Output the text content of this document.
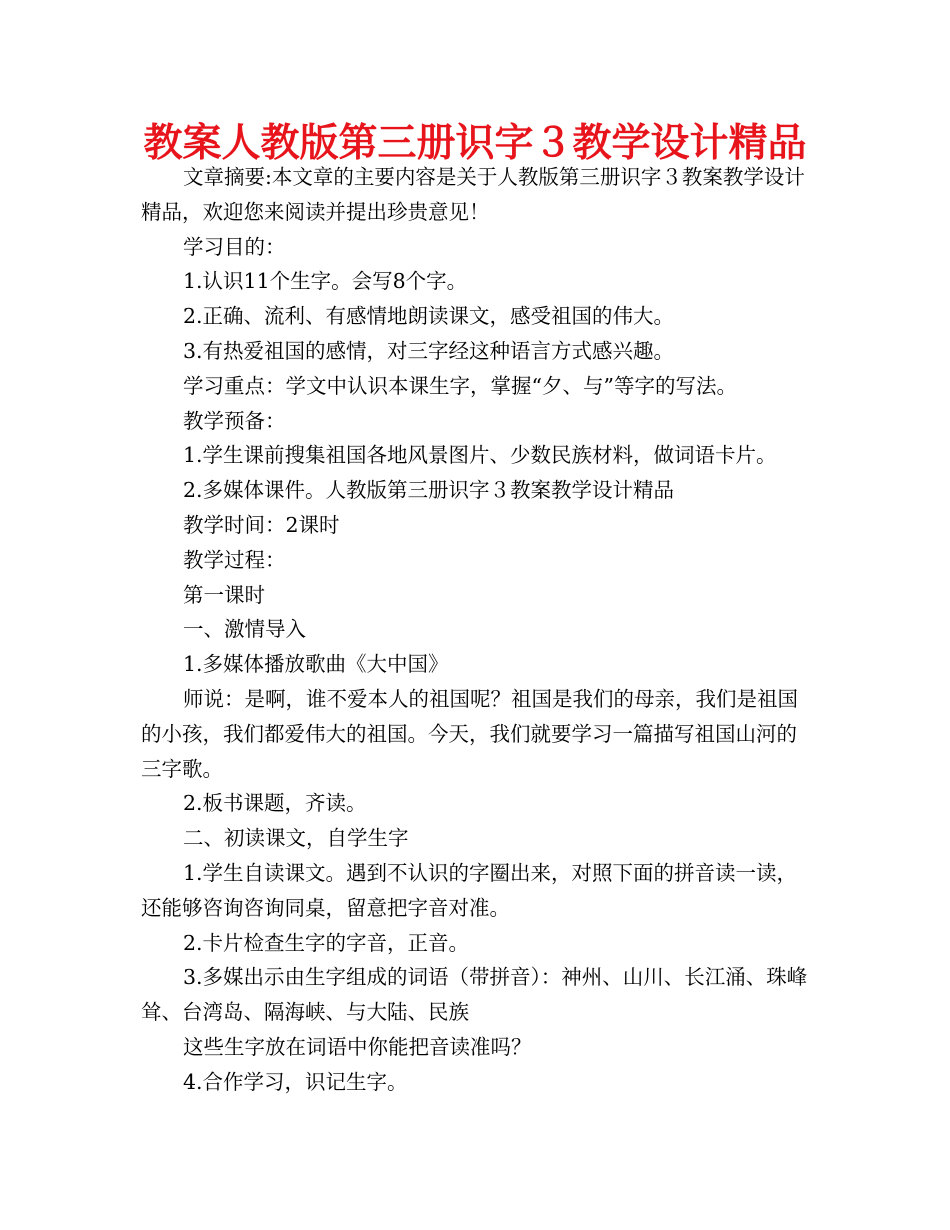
教案人教版第三册识字３教学设计精品

文章摘要:本文章的主要内容是关于人教版第三册识字３教案教学设计精品，欢迎您来阅读并提出珍贵意见！

学习目的：

1.认识11个生字。会写8个字。

2.正确、流利、有感情地朗读课文，感受祖国的伟大。

3.有热爱祖国的感情，对三字经这种语言方式感兴趣。

学习重点：学文中认识本课生字，掌握“夕、与”等字的写法。

教学预备：

1.学生课前搜集祖国各地风景图片、少数民族材料，做词语卡片。

2.多媒体课件。人教版第三册识字３教案教学设计精品

教学时间：2课时

教学过程：

第一课时

一、激情导入

1.多媒体播放歌曲《大中国》

师说：是啊，谁不爱本人的祖国呢？祖国是我们的母亲，我们是祖国的小孩，我们都爱伟大的祖国。今天，我们就要学习一篇描写祖国山河的三字歌。

2.板书课题，齐读。

二、初读课文，自学生字

1.学生自读课文。遇到不认识的字圈出来，对照下面的拼音读一读，还能够咨询咨询同桌，留意把字音对准。

2.卡片检查生字的字音，正音。

3.多媒出示由生字组成的词语（带拼音）：神州、山川、长江涌、珠峰耸、台湾岛、隔海峡、与大陆、民族

这些生字放在词语中你能把音读准吗？

4.合作学习，识记生字。
